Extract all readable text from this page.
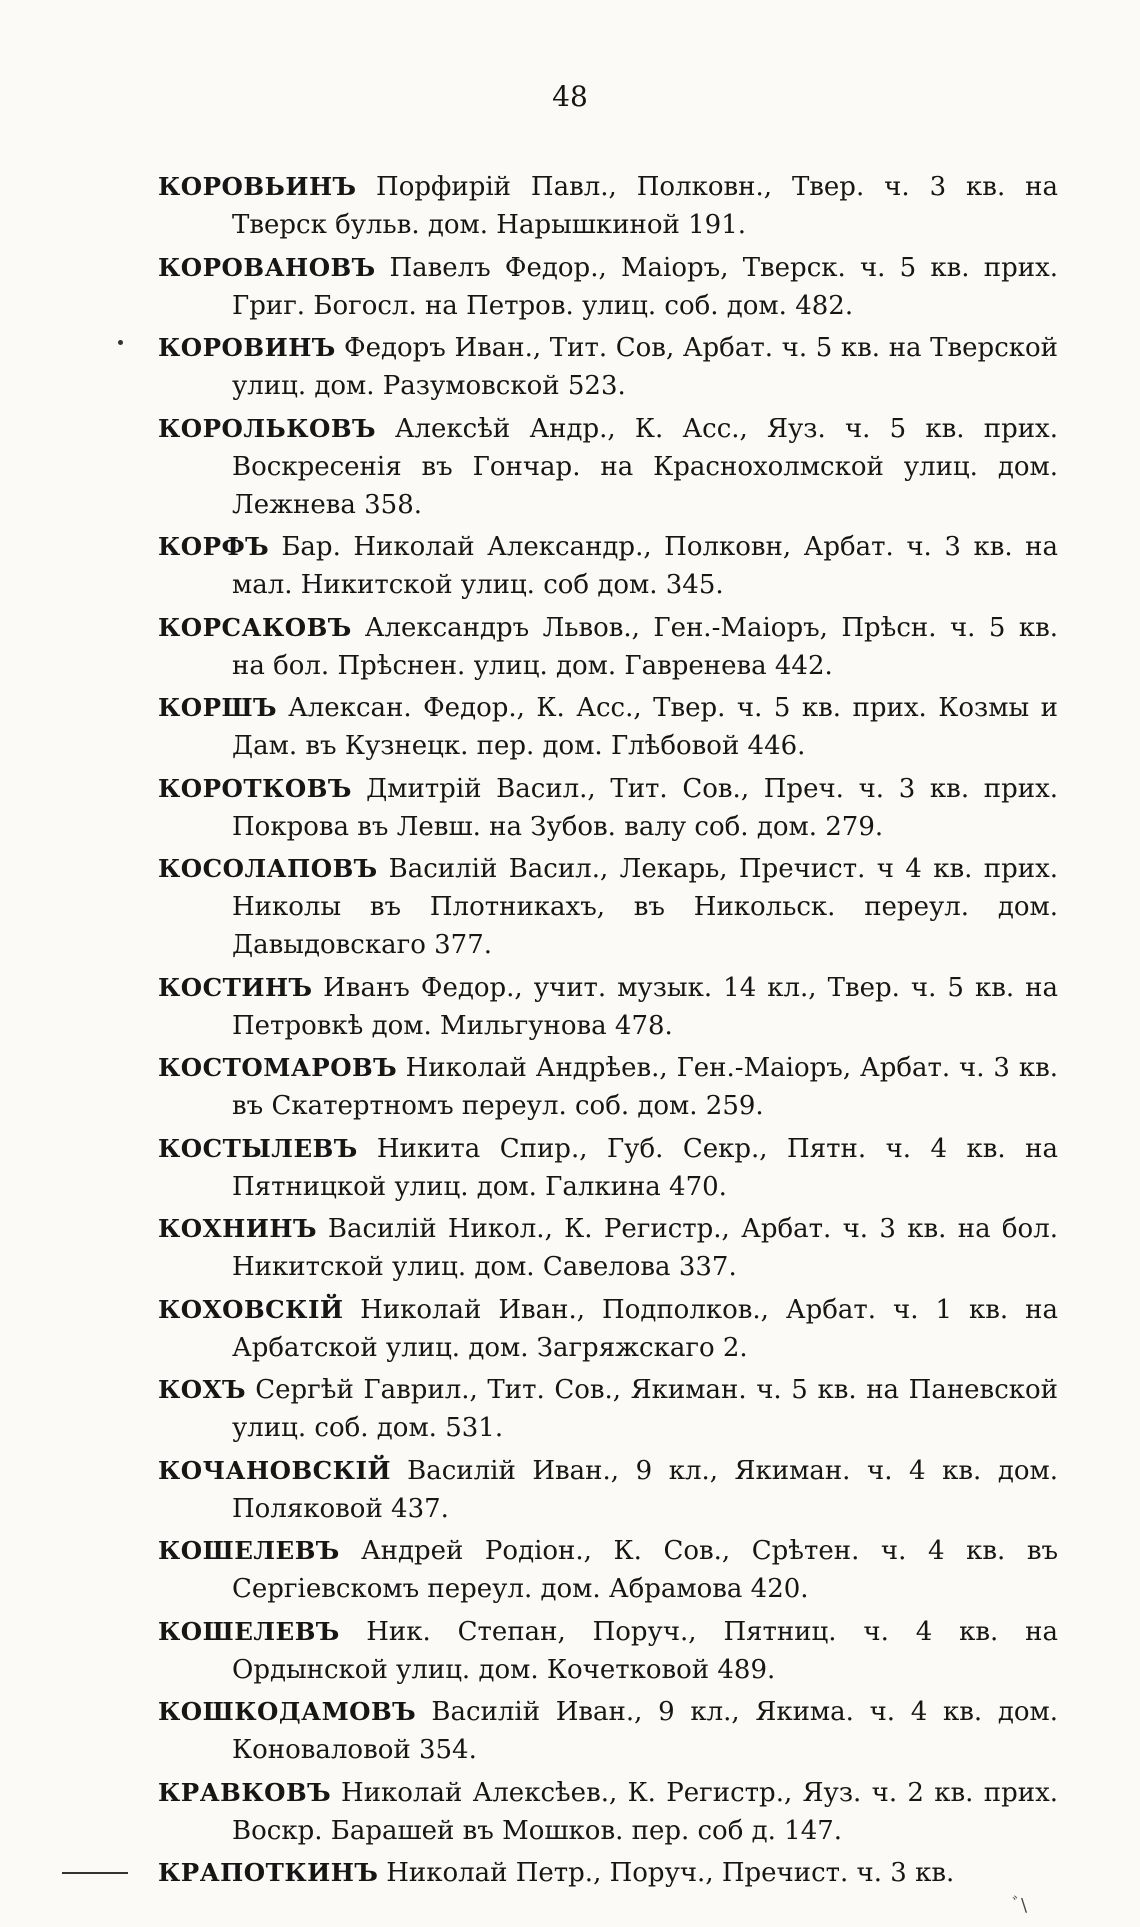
48
КОРОВЬИНЪ Порфирій Павл., Полковн., Твер. ч. 3 кв. на Тверск бульв. дом. Нарышкиной 191.
КОРОВАНОВЪ Павелъ Федор., Маіоръ, Тверск. ч. 5 кв. прих. Григ. Богосл. на Петров. улиц. соб. дом. 482.
КОРОВИНЪ Федоръ Иван., Тит. Сов, Арбат. ч. 5 кв. на Тверской улиц. дом. Разумовской 523.
КОРОЛЬКОВЪ Алексѣй Андр., К. Асс., Яуз. ч. 5 кв. прих. Воскресенія въ Гончар. на Краснохолмской улиц. дом. Лежнева 358.
КОРФЪ Бар. Николай Александр., Полковн, Арбат. ч. 3 кв. на мал. Никитской улиц. соб дом. 345.
КОРСАКОВЪ Александръ Львов., Ген.-Маіоръ, Прѣсн. ч. 5 кв. на бол. Прѣснен. улиц. дом. Гавренева 442.
КОРШЪ Алексан. Федор., К. Асс., Твер. ч. 5 кв. прих. Козмы и Дам. въ Кузнецк. пер. дом. Глѣбовой 446.
КОРОТКОВЪ Дмитрій Васил., Тит. Сов., Преч. ч. 3 кв. прих. Покрова въ Левш. на Зубов. валу соб. дом. 279.
КОСОЛАПОВЪ Василій Васил., Лекарь, Пречист. ч 4 кв. прих. Николы въ Плотникахъ, въ Никольск. переул. дом. Давыдовскаго 377.
КОСТИНЪ Иванъ Федор., учит. музык. 14 кл., Твер. ч. 5 кв. на Петровкѣ дом. Мильгунова 478.
КОСТОМАРОВЪ Николай Андрѣев., Ген.-Маіоръ, Арбат. ч. 3 кв. въ Скатертномъ переул. соб. дом. 259.
КОСТЫЛЕВЪ Никита Спир., Губ. Секр., Пятн. ч. 4 кв. на Пятницкой улиц. дом. Галкина 470.
КОХНИНЪ Василій Никол., К. Регистр., Арбат. ч. 3 кв. на бол. Никитской улиц. дом. Савелова 337.
КОХОВСКІЙ Николай Иван., Подполков., Арбат. ч. 1 кв. на Арбатской улиц. дом. Загряжскаго 2.
КОХЪ Сергѣй Гаврил., Тит. Сов., Якиман. ч. 5 кв. на Паневской улиц. соб. дом. 531.
КОЧАНОВСКІЙ Василій Иван., 9 кл., Якиман. ч. 4 кв. дом. Поляковой 437.
КОШЕЛЕВЪ Андрей Родіон., К. Сов., Срѣтен. ч. 4 кв. въ Сергіевскомъ переул. дом. Абрамова 420.
КОШЕЛЕВЪ Ник. Степан, Поруч., Пятниц. ч. 4 кв. на Ордынской улиц. дом. Кочетковой 489.
КОШКОДАМОВЪ Василій Иван., 9 кл., Якима. ч. 4 кв. дом. Коноваловой 354.
КРАВКОВЪ Николай Алексѣев., К. Регистр., Яуз. ч. 2 кв. прих. Воскр. Барашей въ Мошков. пер. соб д. 147.
КРАПОТКИНЪ Николай Петр., Поруч., Пречист. ч. 3 кв.
ﾞ\
